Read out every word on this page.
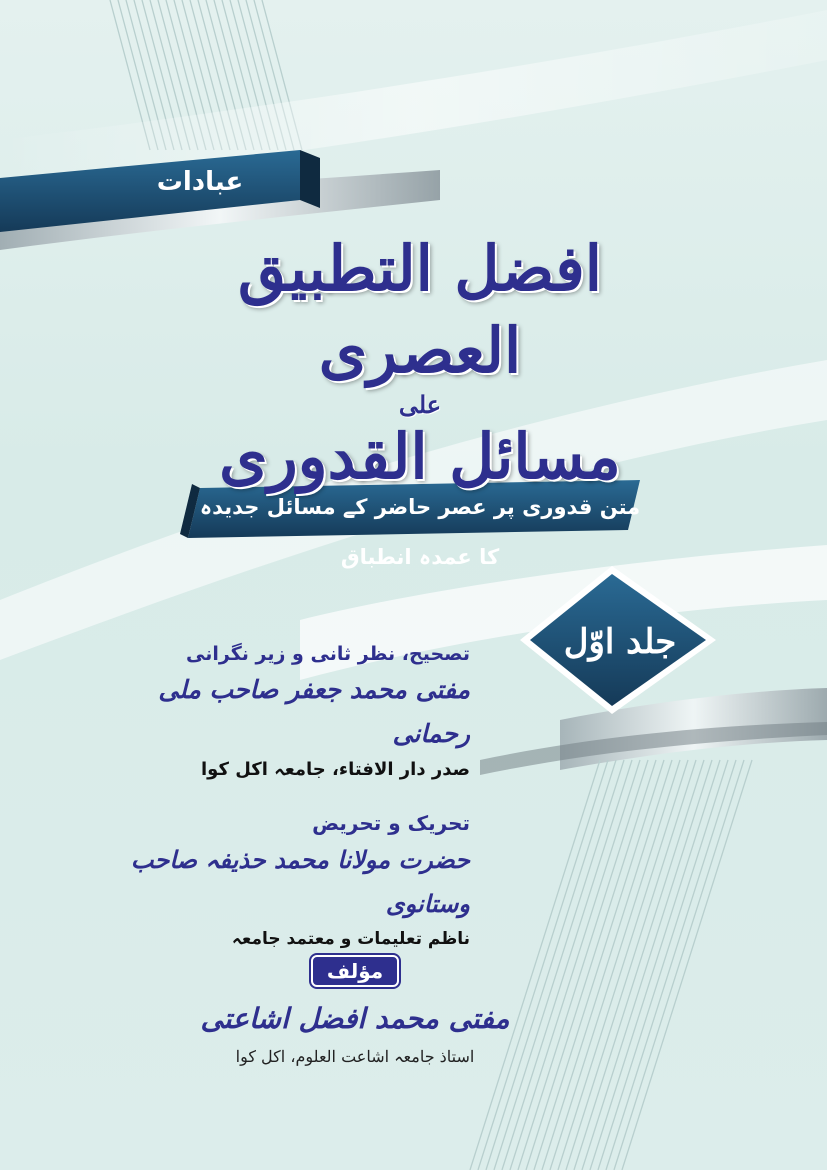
عبادات
افضل التطبیق العصری
علی
مسائل القدوری
متن قدوری پر عصر حاضر کے مسائل جدیدہ کا عمدہ انطباق
جلد اوّل
تصحیح، نظر ثانی و زیر نگرانی
مفتی محمد جعفر صاحب ملی رحمانی
صدر دار الافتاء، جامعہ اکل کوا
تحریک و تحریض
حضرت مولانا محمد حذیفہ صاحب وستانوی
ناظم تعلیمات و معتمد جامعہ
مؤلف
مفتی محمد افضل اشاعتی
استاذ جامعہ اشاعت العلوم، اکل کوا
